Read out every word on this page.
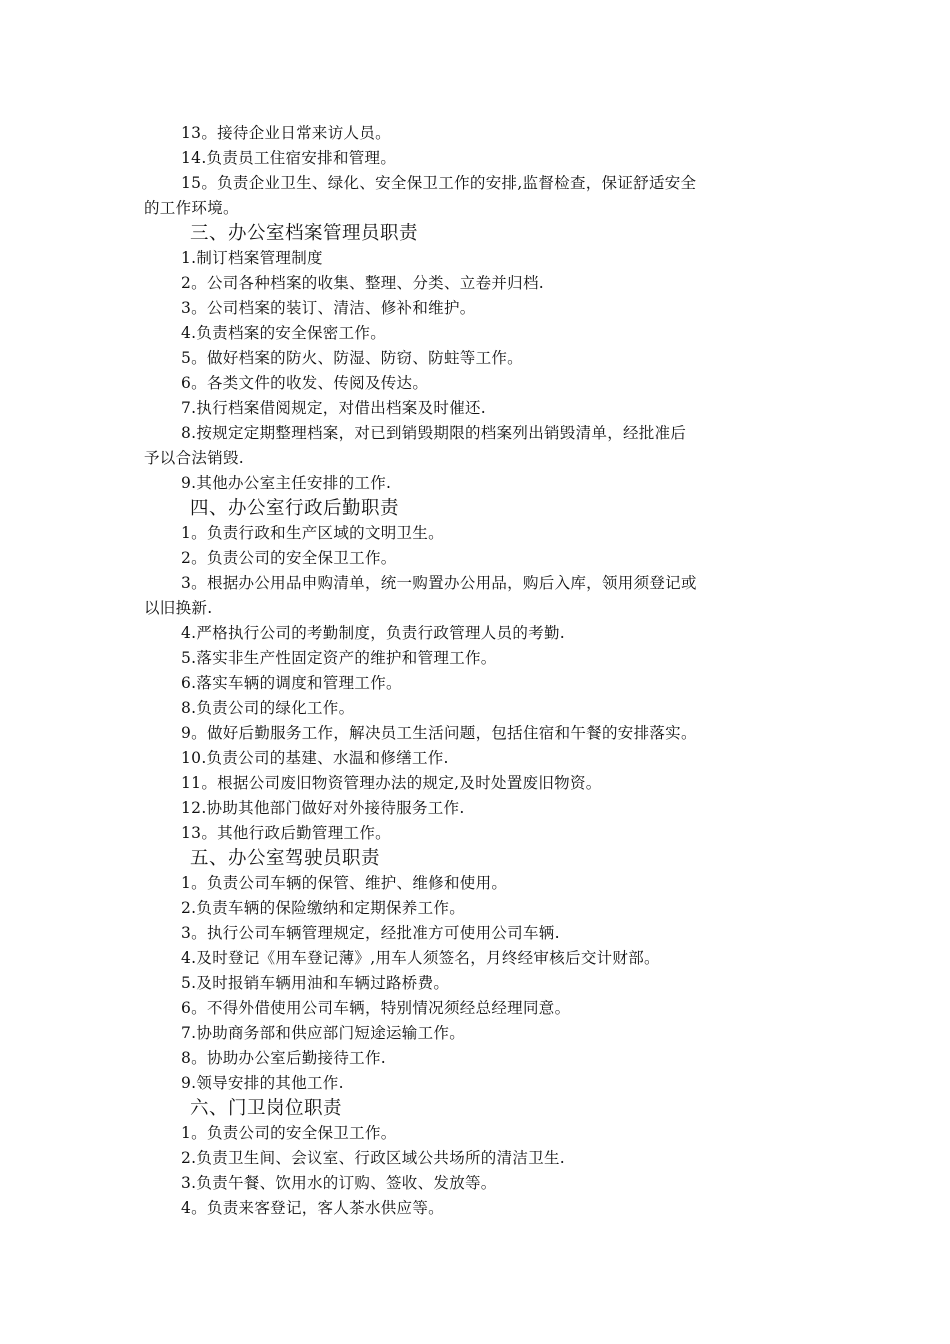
13。接待企业日常来访人员。
14.负责员工住宿安排和管理。
15。负责企业卫生、绿化、安全保卫工作的安排,监督检查，保证舒适安全
的工作环境。
三、办公室档案管理员职责
1.制订档案管理制度
2。公司各种档案的收集、整理、分类、立卷并归档.
3。公司档案的装订、清洁、修补和维护。
4.负责档案的安全保密工作。
5。做好档案的防火、防湿、防窃、防蛀等工作。
6。各类文件的收发、传阅及传达。
7.执行档案借阅规定，对借出档案及时催还.
8.按规定定期整理档案，对已到销毁期限的档案列出销毁清单，经批准后
予以合法销毁.
9.其他办公室主任安排的工作.
四、办公室行政后勤职责
1。负责行政和生产区域的文明卫生。
2。负责公司的安全保卫工作。
3。根据办公用品申购清单，统一购置办公用品，购后入库，领用须登记或
以旧换新.
4.严格执行公司的考勤制度，负责行政管理人员的考勤.
5.落实非生产性固定资产的维护和管理工作。
6.落实车辆的调度和管理工作。
8.负责公司的绿化工作。
9。做好后勤服务工作，解决员工生活问题，包括住宿和午餐的安排落实。
10.负责公司的基建、水温和修缮工作.
11。根据公司废旧物资管理办法的规定,及时处置废旧物资。
12.协助其他部门做好对外接待服务工作.
13。其他行政后勤管理工作。
五、办公室驾驶员职责
1。负责公司车辆的保管、维护、维修和使用。
2.负责车辆的保险缴纳和定期保养工作。
3。执行公司车辆管理规定，经批准方可使用公司车辆.
4.及时登记《用车登记薄》,用车人须签名，月终经审核后交计财部。
5.及时报销车辆用油和车辆过路桥费。
6。不得外借使用公司车辆，特别情况须经总经理同意。
7.协助商务部和供应部门短途运输工作。
8。协助办公室后勤接待工作.
9.领导安排的其他工作.
六、门卫岗位职责
1。负责公司的安全保卫工作。
2.负责卫生间、会议室、行政区域公共场所的清洁卫生.
3.负责午餐、饮用水的订购、签收、发放等。
4。负责来客登记，客人茶水供应等。
